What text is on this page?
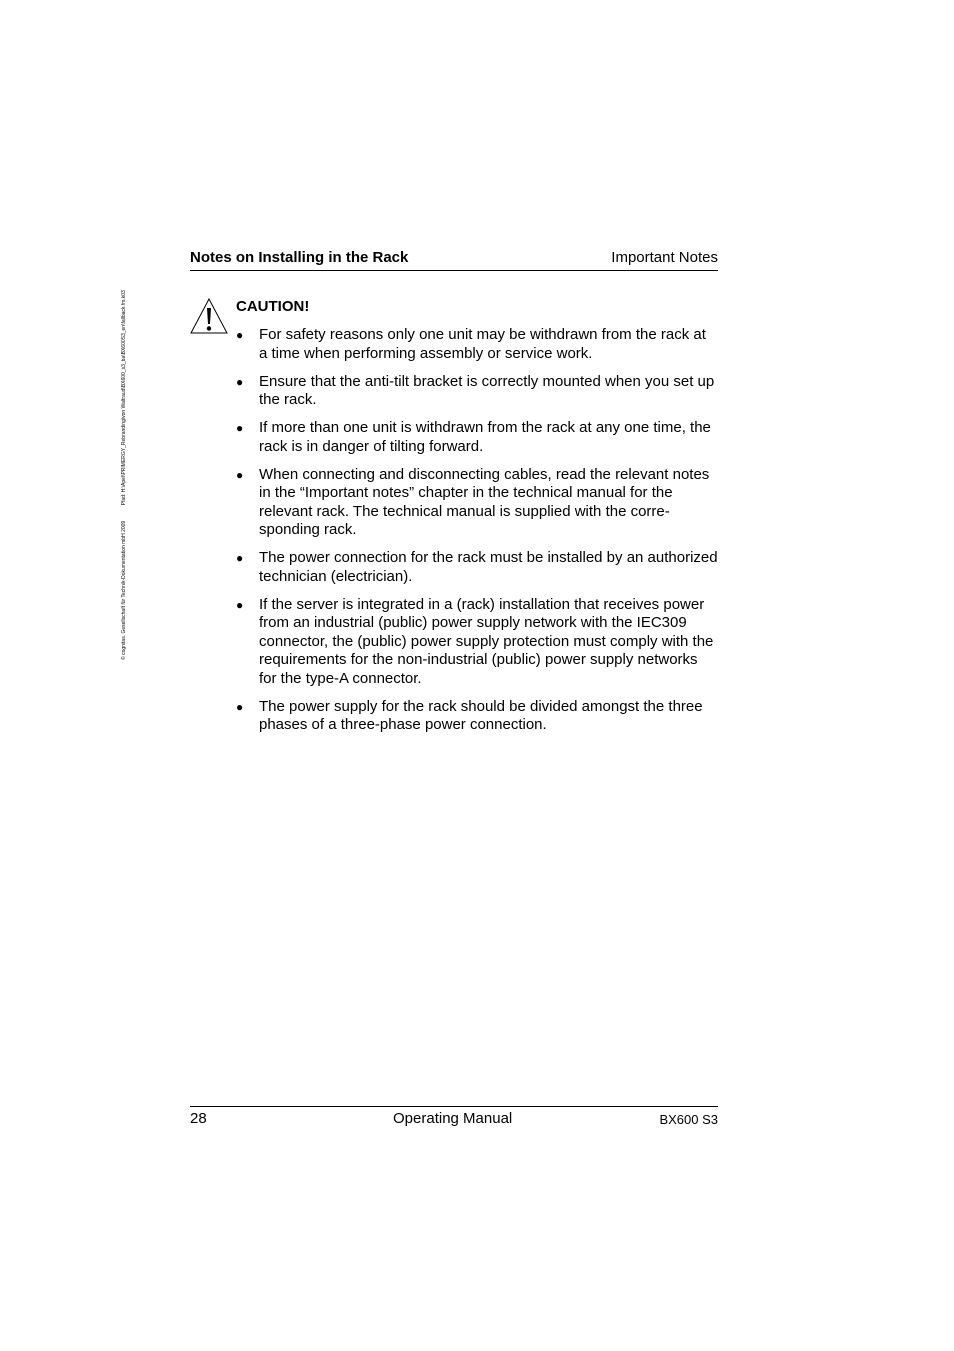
© cognitas. Gesellschaft für Technik-Dokumentation mbH 2009 Pfad: H:\Apel\PRIMERGY_Rebranding\von Waltraud\BX600_s3_ba\BX600S3_en\fallback.fm.k03
Notes on Installing in the Rack	Important Notes
CAUTION!
● For safety reasons only one unit may be withdrawn from the rack at a time when performing assembly or service work.
● Ensure that the anti-tilt bracket is correctly mounted when you set up the rack.
● If more than one unit is withdrawn from the rack at any one time, the rack is in danger of tilting forward.
● When connecting and disconnecting cables, read the relevant notes in the “Important notes” chapter in the technical manual for the relevant rack. The technical manual is supplied with the corre-sponding rack.
● The power connection for the rack must be installed by an authorized technician (electrician).
● If the server is integrated in a (rack) installation that receives power from an industrial (public) power supply network with the IEC309 connector, the (public) power supply protection must comply with the requirements for the non-industrial (public) power supply networks for the type-A connector.
● The power supply for the rack should be divided amongst the three phases of a three-phase power connection.
28	Operating Manual	BX600 S3
